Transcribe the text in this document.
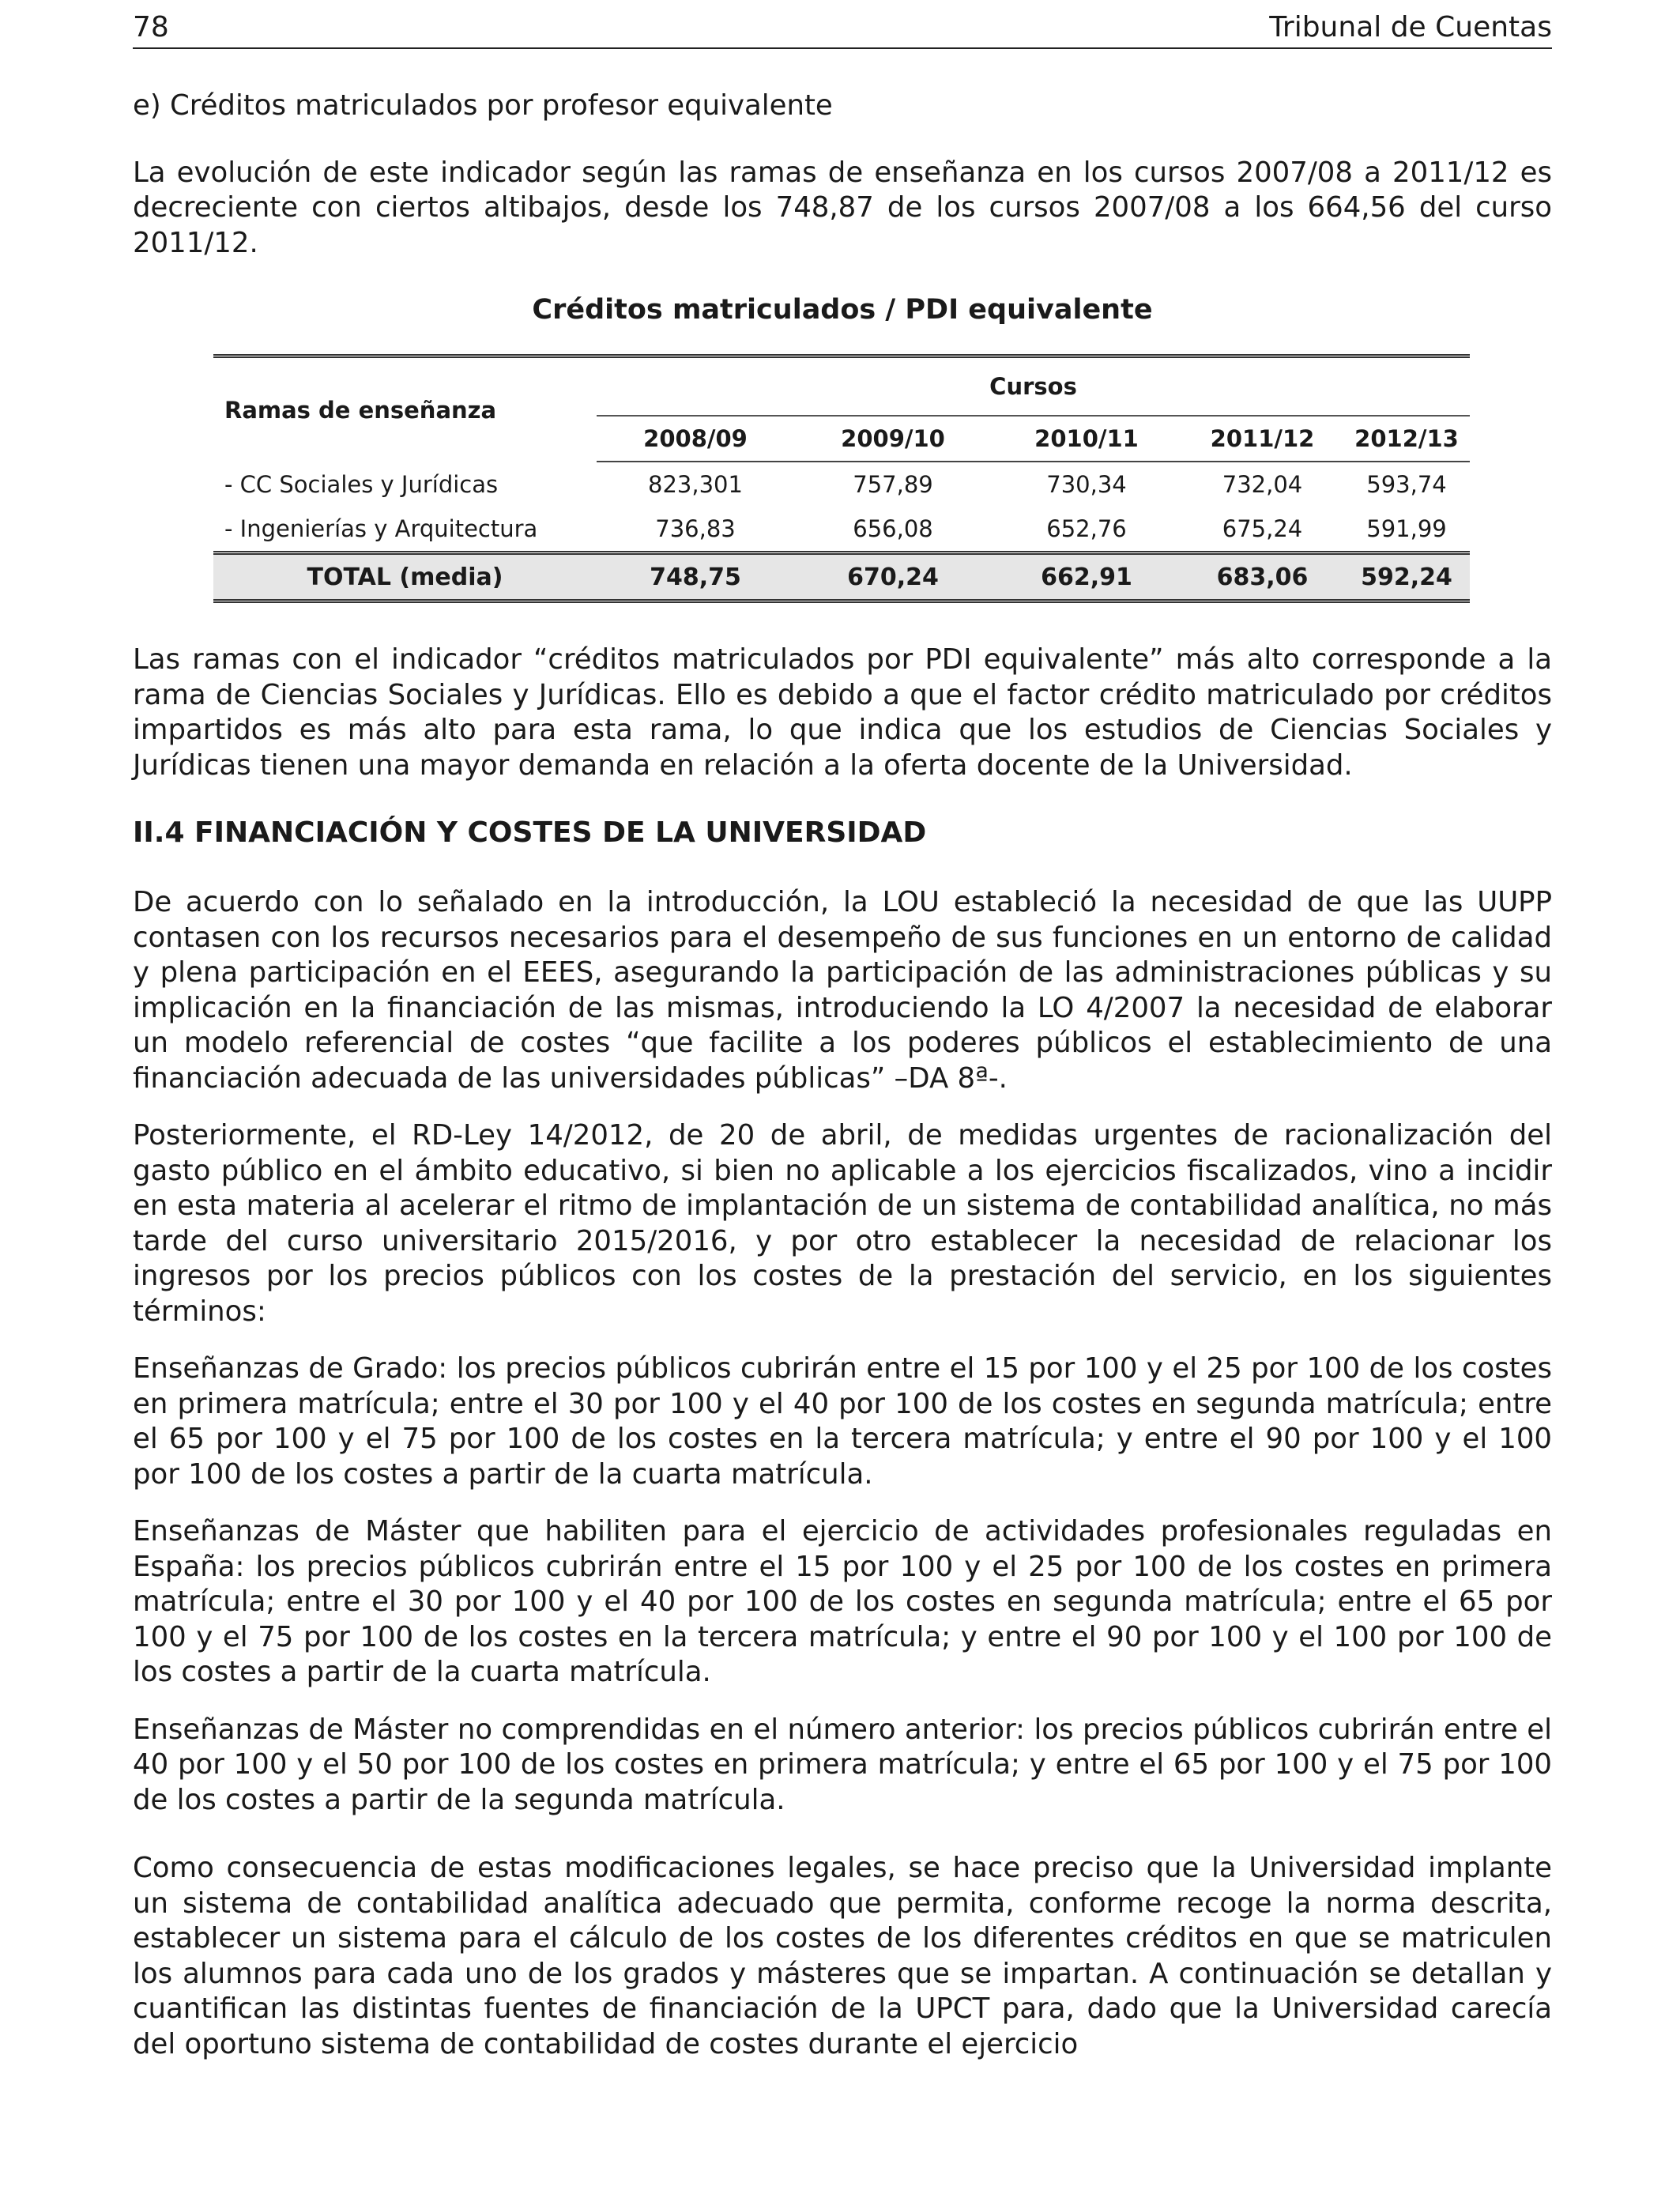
78	Tribunal de Cuentas

e) Créditos matriculados por profesor equivalente

La evolución de este indicador según las ramas de enseñanza en los cursos 2007/08 a 2011/12 es decreciente con ciertos altibajos, desde los 748,87 de los cursos 2007/08 a los 664,56 del curso 2011/12.

Créditos matriculados / PDI equivalente
Ramas de enseñanza	Cursos				
	2008/09	2009/10	2010/11	2011/12	2012/13
- CC Sociales y Jurídicas	823,301	757,89	730,34	732,04	593,74
- Ingenierías y Arquitectura	736,83	656,08	652,76	675,24	591,99
TOTAL (media)	748,75	670,24	662,91	683,06	592,24

Las ramas con el indicador “créditos matriculados por PDI equivalente” más alto corresponde a la rama de Ciencias Sociales y Jurídicas. Ello es debido a que el factor crédito matriculado por créditos impartidos es más alto para esta rama, lo que indica que los estudios de Ciencias Sociales y Jurídicas tienen una mayor demanda en relación a la oferta docente de la Universidad.

II.4 FINANCIACIÓN Y COSTES DE LA UNIVERSIDAD

De acuerdo con lo señalado en la introducción, la LOU estableció la necesidad de que las UUPP contasen con los recursos necesarios para el desempeño de sus funciones en un entorno de calidad y plena participación en el EEES, asegurando la participación de las administraciones públicas y su implicación en la financiación de las mismas, introduciendo la LO 4/2007 la necesidad de elaborar un modelo referencial de costes “que facilite a los poderes públicos el establecimiento de una financiación adecuada de las universidades públicas” –DA 8ª-.

Posteriormente, el RD-Ley 14/2012, de 20 de abril, de medidas urgentes de racionalización del gasto público en el ámbito educativo, si bien no aplicable a los ejercicios fiscalizados, vino a incidir en esta materia al acelerar el ritmo de implantación de un sistema de contabilidad analítica, no más tarde del curso universitario 2015/2016, y por otro establecer la necesidad de relacionar los ingresos por los precios públicos con los costes de la prestación del servicio, en los siguientes términos:

Enseñanzas de Grado: los precios públicos cubrirán entre el 15 por 100 y el 25 por 100 de los costes en primera matrícula; entre el 30 por 100 y el 40 por 100 de los costes en segunda matrícula; entre el 65 por 100 y el 75 por 100 de los costes en la tercera matrícula; y entre el 90 por 100 y el 100 por 100 de los costes a partir de la cuarta matrícula.

Enseñanzas de Máster que habiliten para el ejercicio de actividades profesionales reguladas en España: los precios públicos cubrirán entre el 15 por 100 y el 25 por 100 de los costes en primera matrícula; entre el 30 por 100 y el 40 por 100 de los costes en segunda matrícula; entre el 65 por 100 y el 75 por 100 de los costes en la tercera matrícula; y entre el 90 por 100 y el 100 por 100 de los costes a partir de la cuarta matrícula.

Enseñanzas de Máster no comprendidas en el número anterior: los precios públicos cubrirán entre el 40 por 100 y el 50 por 100 de los costes en primera matrícula; y entre el 65 por 100 y el 75 por 100 de los costes a partir de la segunda matrícula.

Como consecuencia de estas modificaciones legales, se hace preciso que la Universidad implante un sistema de contabilidad analítica adecuado que permita, conforme recoge la norma descrita, establecer un sistema para el cálculo de los costes de los diferentes créditos en que se matriculen los alumnos para cada uno de los grados y másteres que se impartan. A continuación se detallan y cuantifican las distintas fuentes de financiación de la UPCT para, dado que la Universidad carecía del oportuno sistema de contabilidad de costes durante el ejercicio
